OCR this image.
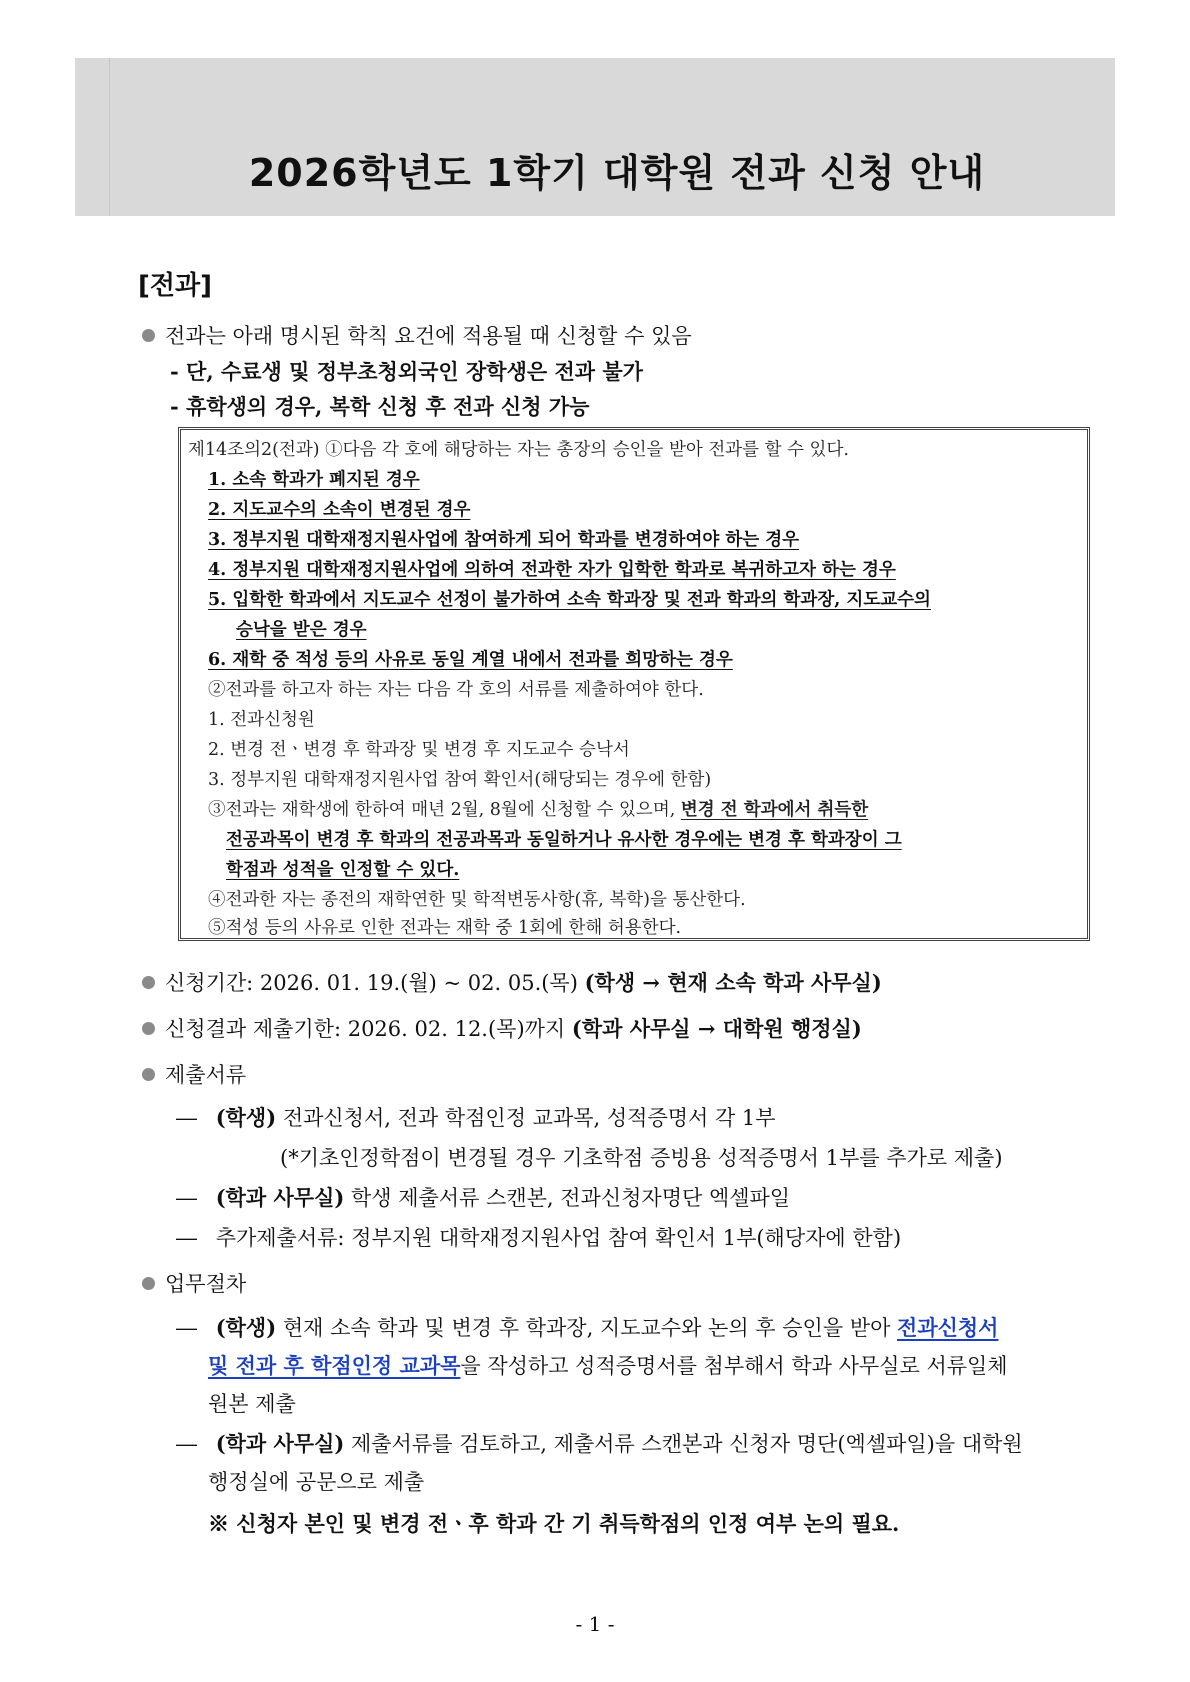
2026학년도 1학기 대학원 전과 신청 안내
[전과]
전과는 아래 명시된 학칙 요건에 적용될 때 신청할 수 있음
- 단, 수료생 및 정부초청외국인 장학생은 전과 불가
- 휴학생의 경우, 복학 신청 후 전과 신청 가능
제14조의2(전과) ①다음 각 호에 해당하는 자는 총장의 승인을 받아 전과를 할 수 있다.
1. 소속 학과가 폐지된 경우
2. 지도교수의 소속이 변경된 경우
3. 정부지원 대학재정지원사업에 참여하게 되어 학과를 변경하여야 하는 경우
4. 정부지원 대학재정지원사업에 의하여 전과한 자가 입학한 학과로 복귀하고자 하는 경우
5. 입학한 학과에서 지도교수 선정이 불가하여 소속 학과장 및 전과 학과의 학과장, 지도교수의
승낙을 받은 경우
6. 재학 중 적성 등의 사유로 동일 계열 내에서 전과를 희망하는 경우
②전과를 하고자 하는 자는 다음 각 호의 서류를 제출하여야 한다.
1. 전과신청원
2. 변경 전ㆍ변경 후 학과장 및 변경 후 지도교수 승낙서
3. 정부지원 대학재정지원사업 참여 확인서(해당되는 경우에 한함)
③전과는 재학생에 한하여 매년 2월, 8월에 신청할 수 있으며, 변경 전 학과에서 취득한
전공과목이 변경 후 학과의 전공과목과 동일하거나 유사한 경우에는 변경 후 학과장이 그
학점과 성적을 인정할 수 있다.
④전과한 자는 종전의 재학연한 및 학적변동사항(휴, 복학)을 통산한다.
⑤적성 등의 사유로 인한 전과는 재학 중 1회에 한해 허용한다.
신청기간: 2026. 01. 19.(월) ~ 02. 05.(목) (학생 → 현재 소속 학과 사무실)
신청결과 제출기한: 2026. 02. 12.(목)까지 (학과 사무실 → 대학원 행정실)
제출서류
― (학생) 전과신청서, 전과 학점인정 교과목, 성적증명서 각 1부
(*기초인정학점이 변경될 경우 기초학점 증빙용 성적증명서 1부를 추가로 제출)
― (학과 사무실) 학생 제출서류 스캔본, 전과신청자명단 엑셀파일
― 추가제출서류: 정부지원 대학재정지원사업 참여 확인서 1부(해당자에 한함)
업무절차
― (학생) 현재 소속 학과 및 변경 후 학과장, 지도교수와 논의 후 승인을 받아 전과신청서
및 전과 후 학점인정 교과목을 작성하고 성적증명서를 첨부해서 학과 사무실로 서류일체
원본 제출
― (학과 사무실) 제출서류를 검토하고, 제출서류 스캔본과 신청자 명단(엑셀파일)을 대학원
행정실에 공문으로 제출
※ 신청자 본인 및 변경 전ㆍ후 학과 간 기 취득학점의 인정 여부 논의 필요.
- 1 -
